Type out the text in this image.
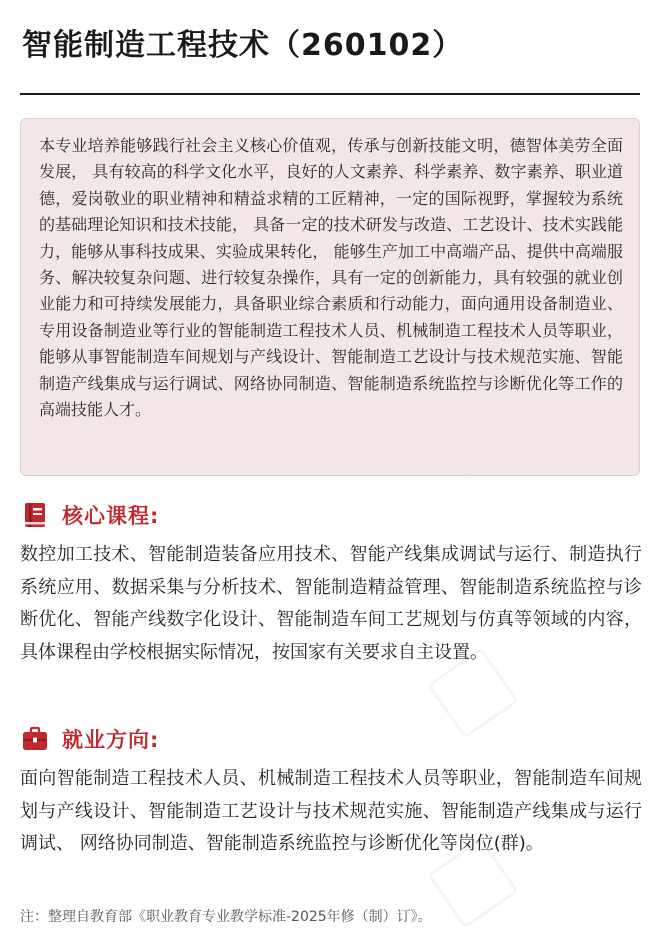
智能制造工程技术（260102）

本专业培养能够践行社会主义核心价值观，传承与创新技能文明，德智体美劳全面发展， 具有较高的科学文化水平，良好的人文素养、科学素养、数字素养、职业道德，爱岗敬业的职业精神和精益求精的工匠精神，一定的国际视野，掌握较为系统的基础理论知识和技术技能， 具备一定的技术研发与改造、工艺设计、技术实践能力，能够从事科技成果、实验成果转化， 能够生产加工中高端产品、提供中高端服务、解决较复杂问题、进行较复杂操作，具有一定的创新能力，具有较强的就业创业能力和可持续发展能力，具备职业综合素质和行动能力，面向通用设备制造业、专用设备制造业等行业的智能制造工程技术人员、机械制造工程技术人员等职业，能够从事智能制造车间规划与产线设计、智能制造工艺设计与技术规范实施、智能制造产线集成与运行调试、网络协同制造、智能制造系统监控与诊断优化等工作的高端技能人才。

核心课程:

数控加工技术、智能制造装备应用技术、智能产线集成调试与运行、制造执行系统应用、数据采集与分析技术、智能制造精益管理、智能制造系统监控与诊断优化、智能产线数字化设计、智能制造车间工艺规划与仿真等领域的内容，具体课程由学校根据实际情况，按国家有关要求自主设置。

就业方向:

面向智能制造工程技术人员、机械制造工程技术人员等职业，智能制造车间规划与产线设计、智能制造工艺设计与技术规范实施、智能制造产线集成与运行调试、 网络协同制造、智能制造系统监控与诊断优化等岗位(群)。

注：整理自教育部《职业教育专业教学标准-2025年修（制）订》。
